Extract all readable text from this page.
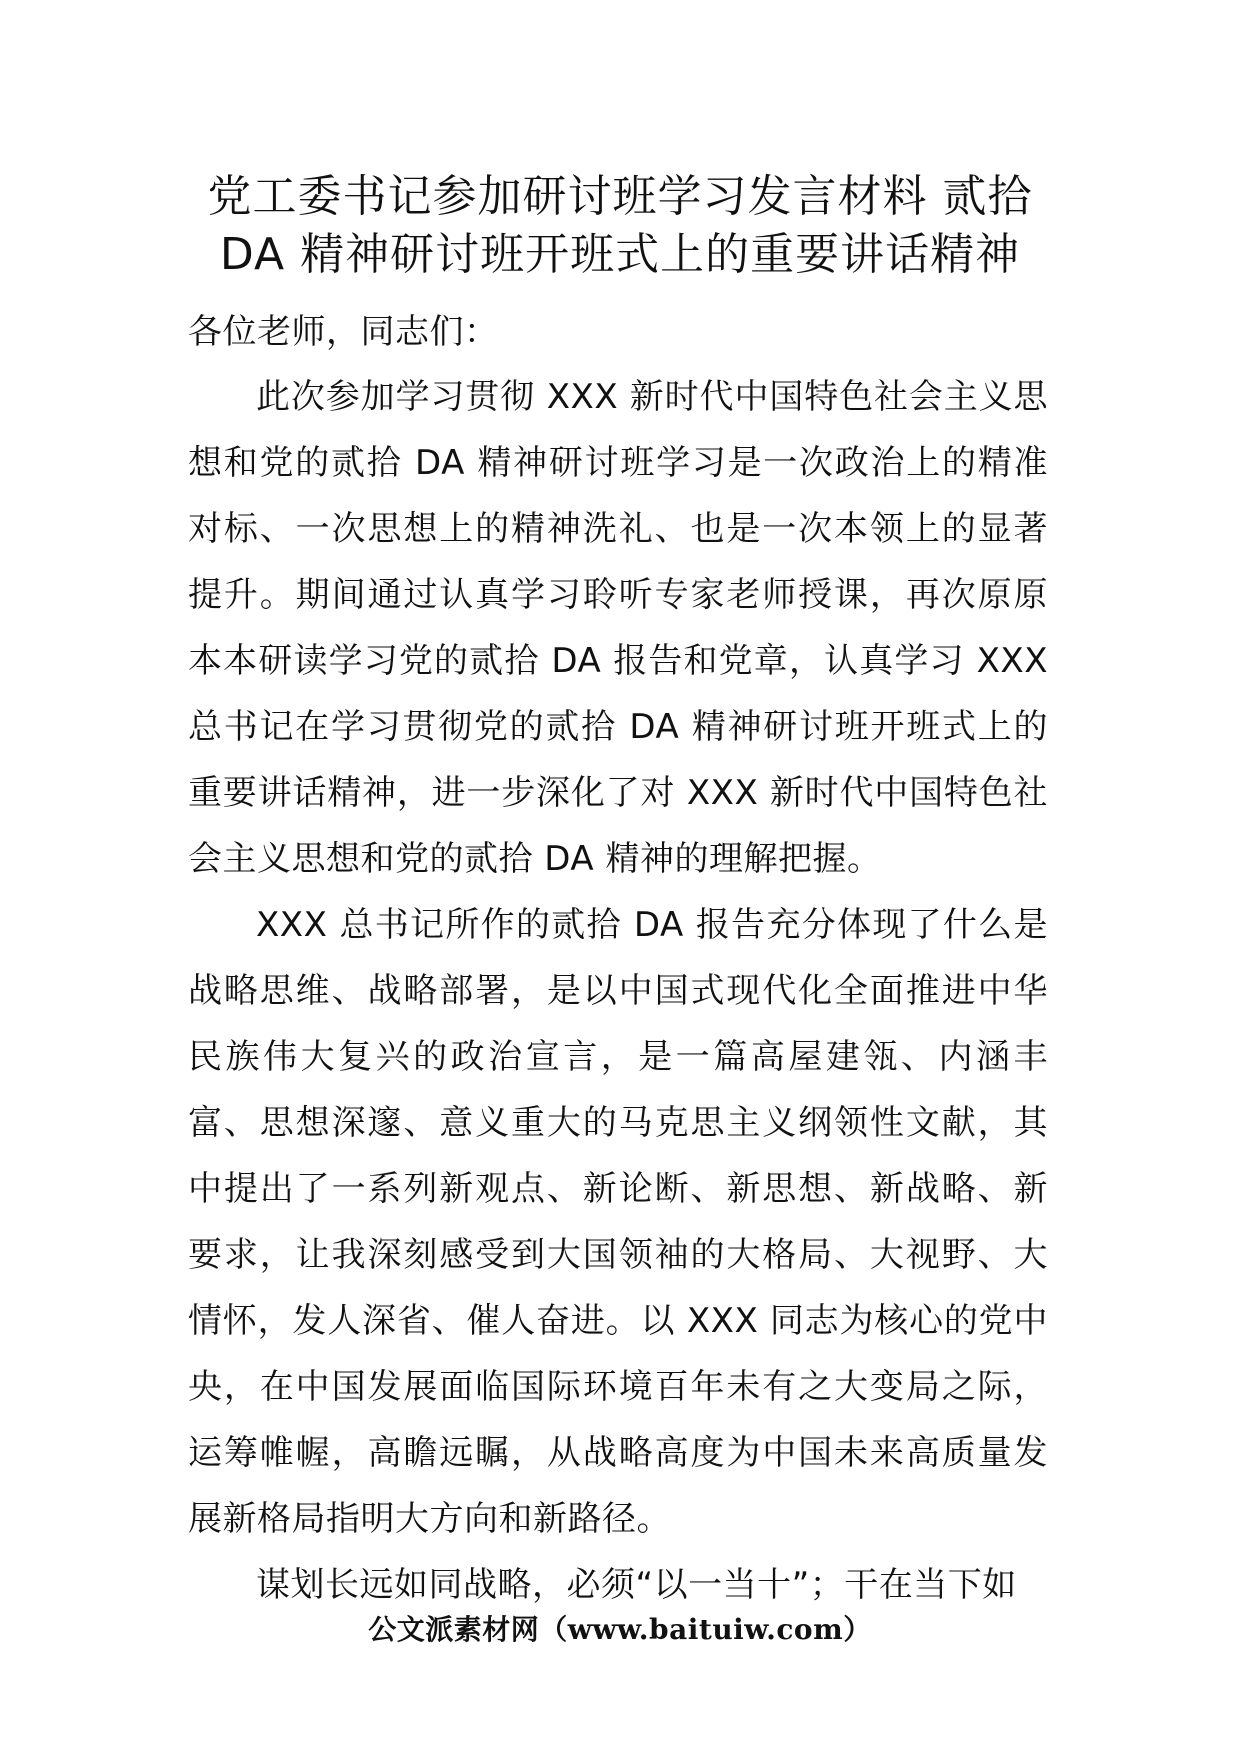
党工委书记参加研讨班学习发言材料 贰拾
DA 精神研讨班开班式上的重要讲话精神

各位老师，同志们：

此次参加学习贯彻 XXX 新时代中国特色社会主义思想和党的贰拾 DA 精神研讨班学习是一次政治上的精准对标、一次思想上的精神洗礼、也是一次本领上的显著提升。期间通过认真学习聆听专家老师授课，再次原原本本研读学习党的贰拾 DA 报告和党章，认真学习 XXX 总书记在学习贯彻党的贰拾 DA 精神研讨班开班式上的重要讲话精神，进一步深化了对 XXX 新时代中国特色社会主义思想和党的贰拾 DA 精神的理解把握。

XXX 总书记所作的贰拾 DA 报告充分体现了什么是战略思维、战略部署，是以中国式现代化全面推进中华民族伟大复兴的政治宣言，是一篇高屋建瓴、内涵丰富、思想深邃、意义重大的马克思主义纲领性文献，其中提出了一系列新观点、新论断、新思想、新战略、新要求，让我深刻感受到大国领袖的大格局、大视野、大情怀，发人深省、催人奋进。以 XXX 同志为核心的党中央，在中国发展面临国际环境百年未有之大变局之际，运筹帷幄，高瞻远瞩，从战略高度为中国未来高质量发展新格局指明大方向和新路径。

谋划长远如同战略，必须“以一当十”；干在当下如

公文派素材网（www.baituiw.com）
